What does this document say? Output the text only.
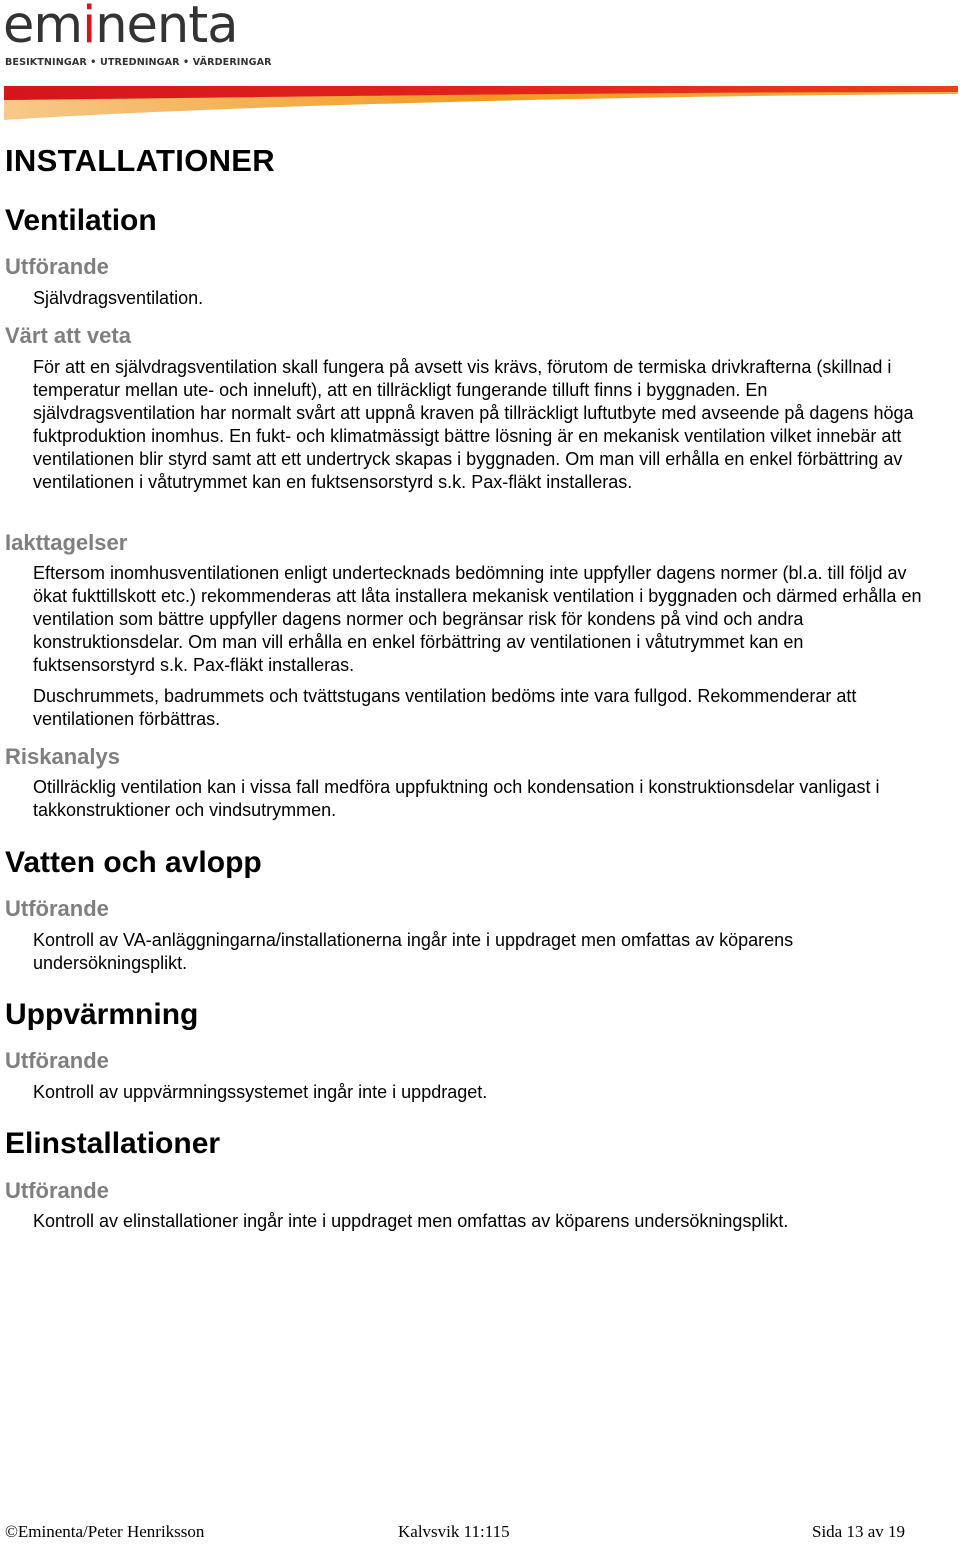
eminenta
BESIKTNINGAR • UTREDNINGAR • VÄRDERINGAR
INSTALLATIONER
Ventilation
Utförande

Självdragsventilation.

Värt att veta

För att en självdragsventilation skall fungera på avsett vis krävs, förutom de termiska drivkrafterna (skillnad i temperatur mellan ute- och inneluft), att en tillräckligt fungerande tilluft finns i byggnaden. En självdragsventilation har normalt svårt att uppnå kraven på tillräckligt luftutbyte med avseende på dagens höga fuktproduktion inomhus. En fukt- och klimatmässigt bättre lösning är en mekanisk ventilation vilket innebär att ventilationen blir styrd samt att ett undertryck skapas i byggnaden. Om man vill erhålla en enkel förbättring av ventilationen i våtutrymmet kan en fuktsensorstyrd s.k. Pax-fläkt installeras.

Iakttagelser

Eftersom inomhusventilationen enligt undertecknads bedömning inte uppfyller dagens normer (bl.a. till följd av ökat fukttillskott etc.) rekommenderas att låta installera mekanisk ventilation i byggnaden och därmed erhålla en ventilation som bättre uppfyller dagens normer och begränsar risk för kondens på vind och andra konstruktionsdelar. Om man vill erhålla en enkel förbättring av ventilationen i våtutrymmet kan en fuktsensorstyrd s.k. Pax-fläkt installeras.

Duschrummets, badrummets och tvättstugans ventilation bedöms inte vara fullgod. Rekommenderar att ventilationen förbättras.

Riskanalys

Otillräcklig ventilation kan i vissa fall medföra uppfuktning och kondensation i konstruktionsdelar vanligast i takkonstruktioner och vindsutrymmen.

Vatten och avlopp
Utförande

Kontroll av VA-anläggningarna/installationerna ingår inte i uppdraget men omfattas av köparens undersökningsplikt.

Uppvärmning
Utförande

Kontroll av uppvärmningssystemet ingår inte i uppdraget.

Elinstallationer
Utförande

Kontroll av elinstallationer ingår inte i uppdraget men omfattas av köparens undersökningsplikt.

©Eminenta/Peter Henriksson	Kalvsvik 11:115	Sida 13 av 19
